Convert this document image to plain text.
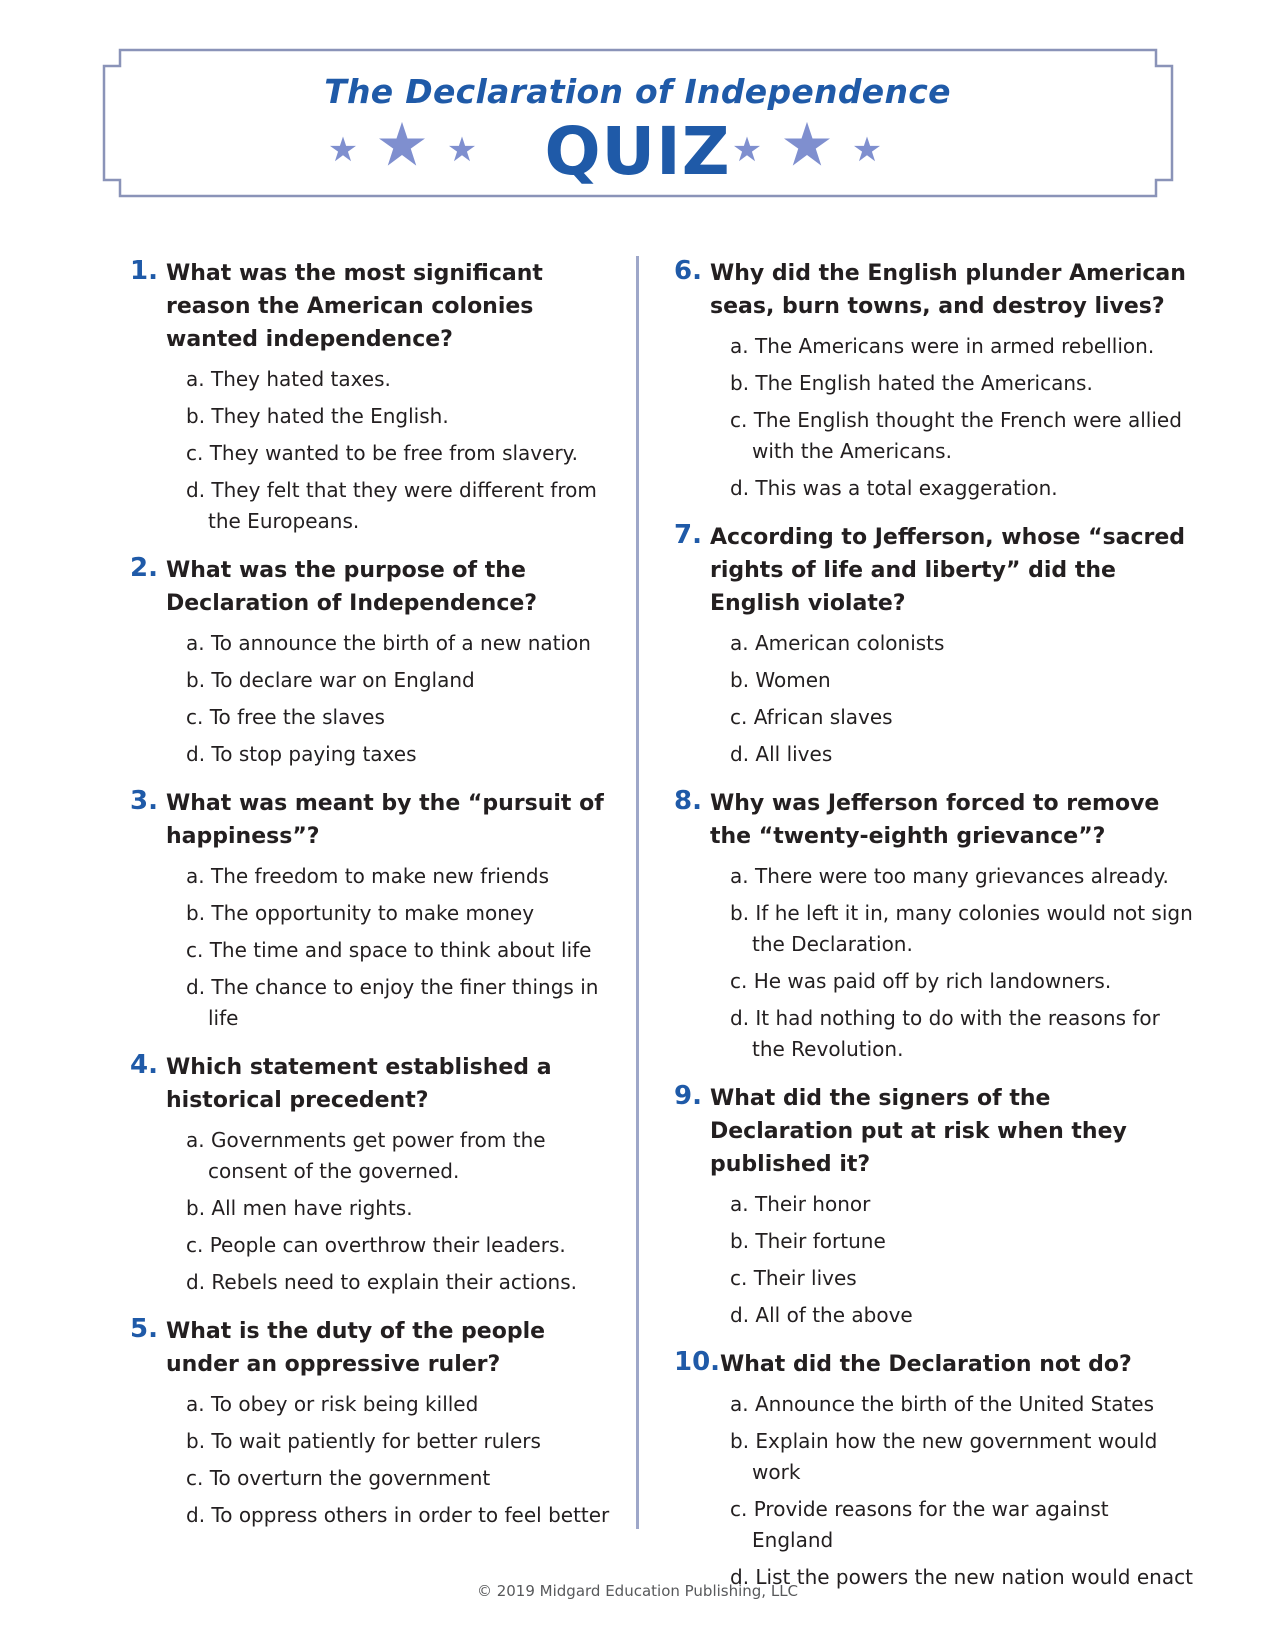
The Declaration of Independence
QUIZ
1. What was the most significant reason the American colonies wanted independence?
a. They hated taxes.
b. They hated the English.
c. They wanted to be free from slavery.
d. They felt that they were different from the Europeans.
2. What was the purpose of the Declaration of Independence?
a. To announce the birth of a new nation
b. To declare war on England
c. To free the slaves
d. To stop paying taxes
3. What was meant by the “pursuit of happiness”?
a. The freedom to make new friends
b. The opportunity to make money
c. The time and space to think about life
d. The chance to enjoy the finer things in life
4. Which statement established a historical precedent?
a. Governments get power from the consent of the governed.
b. All men have rights.
c. People can overthrow their leaders.
d. Rebels need to explain their actions.
5. What is the duty of the people under an oppressive ruler?
a. To obey or risk being killed
b. To wait patiently for better rulers
c. To overturn the government
d. To oppress others in order to feel better
6. Why did the English plunder American seas, burn towns, and destroy lives?
a. The Americans were in armed rebellion.
b. The English hated the Americans.
c. The English thought the French were allied with the Americans.
d. This was a total exaggeration.
7. According to Jefferson, whose “sacred rights of life and liberty” did the English violate?
a. American colonists
b. Women
c. African slaves
d. All lives
8. Why was Jefferson forced to remove the “twenty-eighth grievance”?
a. There were too many grievances already.
b. If he left it in, many colonies would not sign the Declaration.
c. He was paid off by rich landowners.
d. It had nothing to do with the reasons for the Revolution.
9. What did the signers of the Declaration put at risk when they published it?
a. Their honor
b. Their fortune
c. Their lives
d. All of the above
10. What did the Declaration not do?
a. Announce the birth of the United States
b. Explain how the new government would work
c. Provide reasons for the war against England
d. List the powers the new nation would enact
© 2019 Midgard Education Publishing, LLC
